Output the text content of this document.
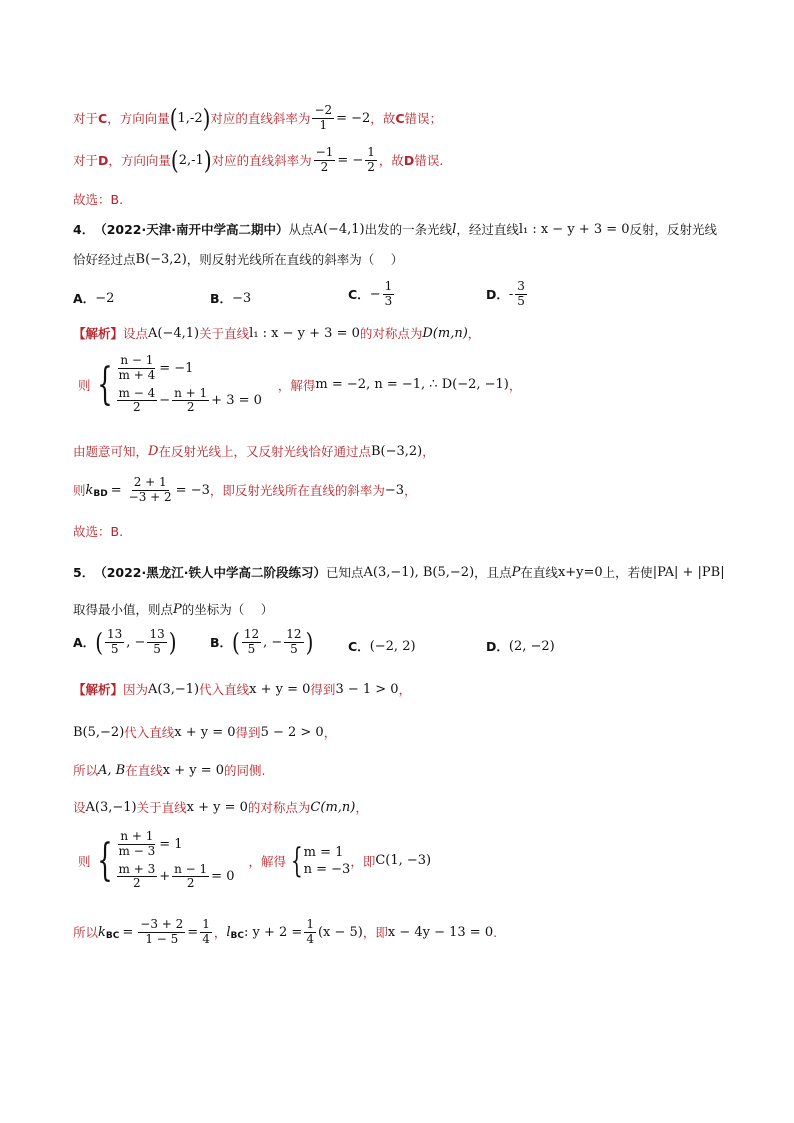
对于 C ，方向向量 ( 1,-2 ) 对应的直线斜率为 $\frac{-2}{1} = -2$ ，故 C 错误；
对于 D ，方向向量 ( 2,-1 ) 对应的直线斜率为 $\frac{-1}{2}$ = − $\frac{1}{2}$ ，故 D 错误.
故选：B.
4． （2022·天津·南开中学高二期中） 从点 A(−4,1) 出发的一条光线 l ，经过直线 l₁ : x − y + 3 = 0 反射，反射光线
恰好经过点 B(−3,2) ，则反射光线所在直线的斜率为（　 ）
A． −2	B． −3	C． − $\frac{1}{3}$	D． - $\frac{3}{5}$
【解析】 设点 A(−4,1) 关于直线 l₁ : x − y + 3 = 0 的对称点为 D(m,n) ，
则 { $\frac{n - 1}{m + 4} = -1$
$\frac{m - 4}{2} - \frac{n + 1}{2} + 3 = 0$
，解得 m = −2, n = −1, ∴ D(−2, −1) ，
由题意可知， D 在反射光线上，又反射光线恰好通过点 B(−3,2) ，
则 k BD = $\frac{2 + 1}{-3 + 2} = -3$ ，即反射光线所在直线的斜率为 −3 ，
故选：B.
5． （2022·黑龙江·铁人中学高二阶段练习） 已知点 A(3,−1), B(5,−2) ，且点 P 在直线 x+y=0 上，若使 |PA| + |PB|
取得最小值，则点 P 的坐标为（　 ）
A． ( $\frac{13}{5}$ , − $\frac{13}{5}$ )	B． ( $\frac{12}{5}$ , − $\frac{12}{5}$ )	C． (−2, 2)	D． (2, −2)
【解析】 因为 A(3,−1) 代入直线 x + y = 0 得到 3 − 1 > 0 ，
B(5,−2) 代入直线 x + y = 0 得到 5 − 2 > 0 ，
所以 A, B 在直线 x + y = 0 的同侧.
设 A(3,−1) 关于直线 x + y = 0 的对称点为 C(m,n) ，
则 { $\frac{n + 1}{m - 3} = 1$
$\frac{m + 3}{2} + \frac{n - 1}{2} = 0$
，解得 { m = 1
n = −3
，即 C(1, −3)
所以 k BC = $\frac{-3 + 2}{1 - 5} = \frac{1}{4}$ ， l BC : $y + 2 = \frac{1}{4} (x - 5)$ ，即 x − 4y − 13 = 0 .
